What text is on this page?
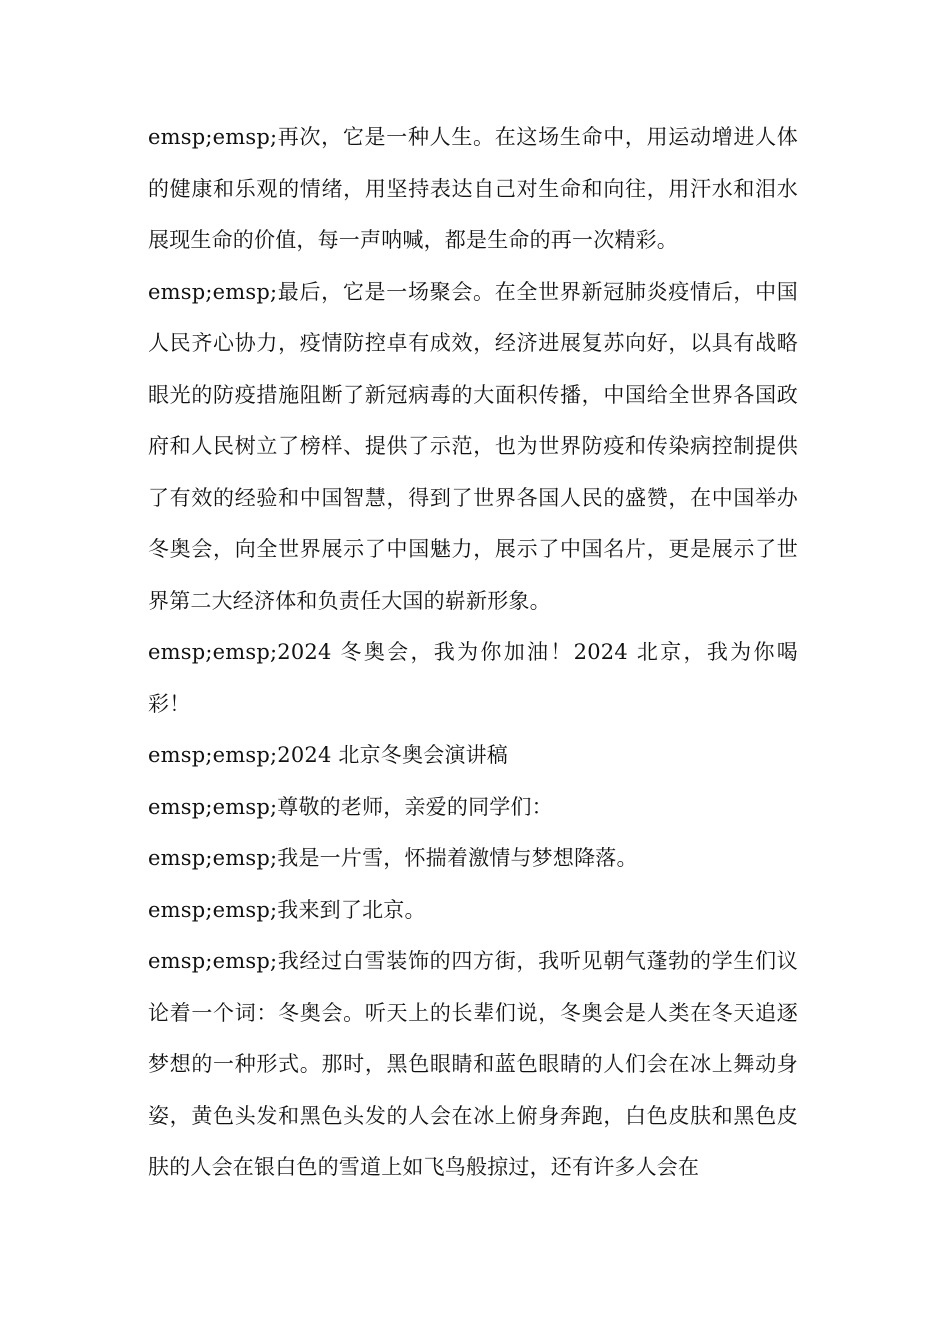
emsp;emsp;再次，它是一种人生。在这场生命中，用运动增进人体的健康和乐观的情绪，用坚持表达自己对生命和向往，用汗水和泪水展现生命的价值，每一声呐喊，都是生命的再一次精彩。

emsp;emsp;最后，它是一场聚会。在全世界新冠肺炎疫情后，中国人民齐心协力，疫情防控卓有成效，经济进展复苏向好，以具有战略眼光的防疫措施阻断了新冠病毒的大面积传播，中国给全世界各国政府和人民树立了榜样、提供了示范，也为世界防疫和传染病控制提供了有效的经验和中国智慧，得到了世界各国人民的盛赞，在中国举办冬奥会，向全世界展示了中国魅力，展示了中国名片，更是展示了世界第二大经济体和负责任大国的崭新形象。

emsp;emsp;2024 冬奥会，我为你加油！2024 北京，我为你喝彩！

emsp;emsp;2024 北京冬奥会演讲稿

emsp;emsp;尊敬的老师，亲爱的同学们：

emsp;emsp;我是一片雪，怀揣着激情与梦想降落。

emsp;emsp;我来到了北京。

emsp;emsp;我经过白雪装饰的四方街，我听见朝气蓬勃的学生们议论着一个词：冬奥会。听天上的长辈们说，冬奥会是人类在冬天追逐梦想的一种形式。那时，黑色眼睛和蓝色眼睛的人们会在冰上舞动身姿，黄色头发和黑色头发的人会在冰上俯身奔跑，白色皮肤和黑色皮肤的人会在银白色的雪道上如飞鸟般掠过，还有许多人会在
